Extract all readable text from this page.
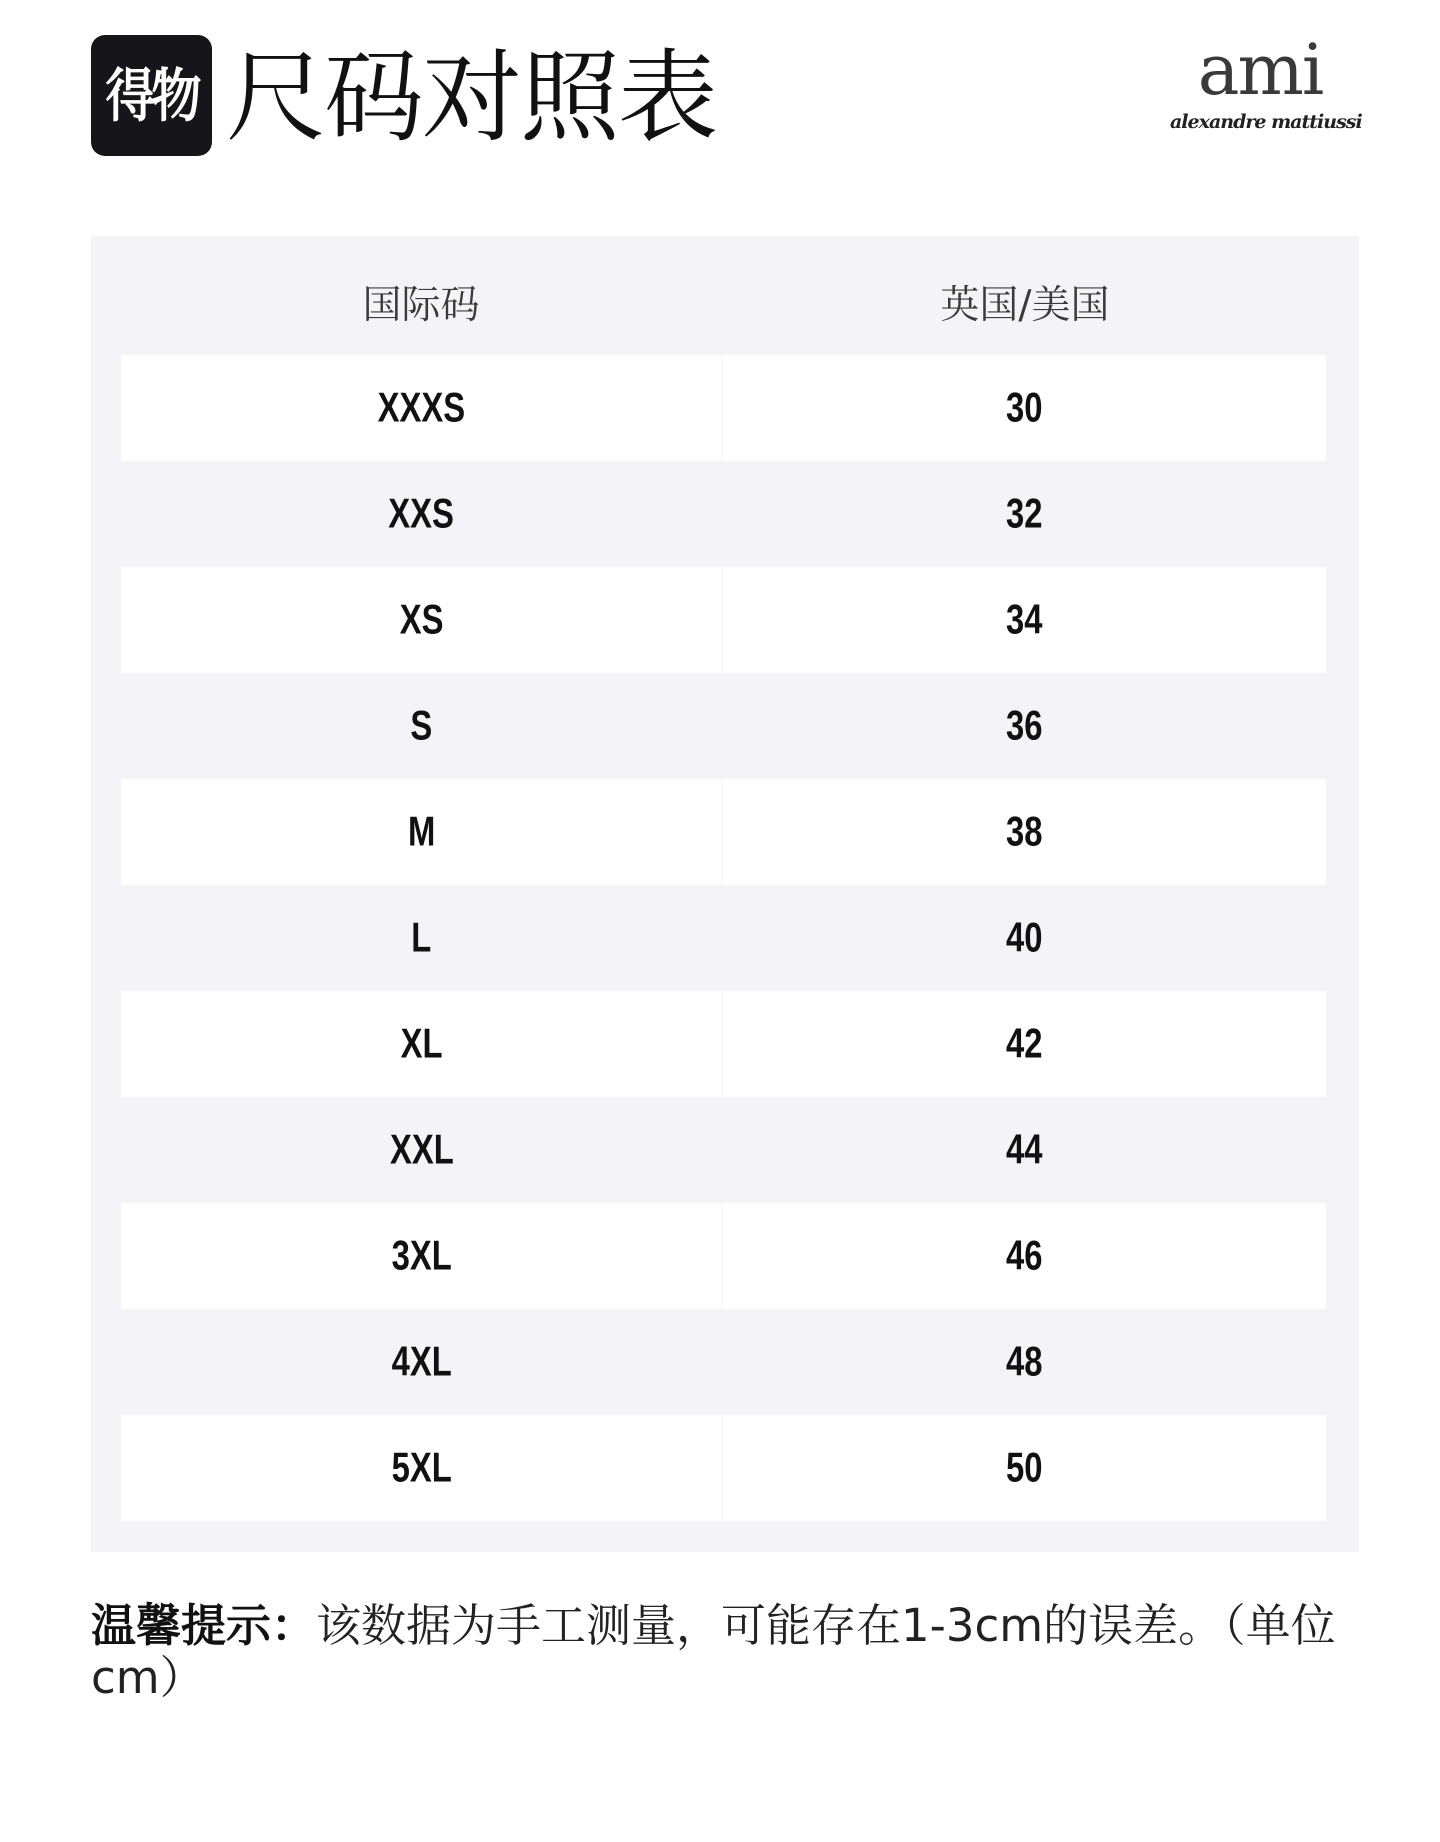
得物 尺码对照表	ami
alexandre mattiussi
国际码	英国/美国
XXXS	30
XXS	32
XS	34
S	36
M	38
L	40
XL	42
XXL	44
3XL	46
4XL	48
5XL	50
温馨提示：该数据为手工测量，可能存在1-3cm的误差。（单位cm）
